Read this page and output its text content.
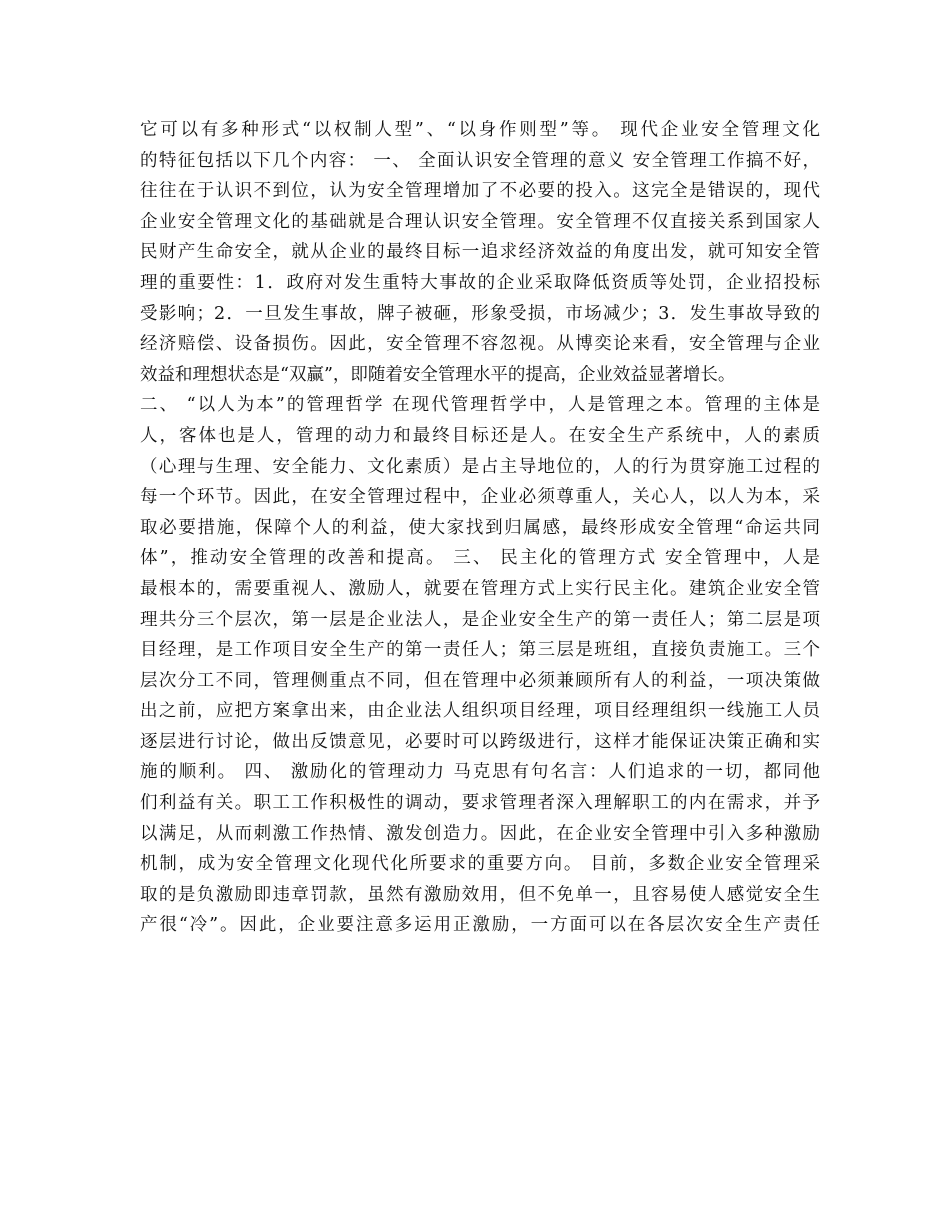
它可以有多种形式“以权制人型”、“以身作则型”等。 现代企业安全管理文化
的特征包括以下几个内容： 一、 全面认识安全管理的意义 安全管理工作搞不好，
往往在于认识不到位，认为安全管理增加了不必要的投入。这完全是错误的，现代
企业安全管理文化的基础就是合理认识安全管理。安全管理不仅直接关系到国家人
民财产生命安全，就从企业的最终目标一追求经济效益的角度出发，就可知安全管
理的重要性：1．政府对发生重特大事故的企业采取降低资质等处罚，企业招投标
受影响；2．一旦发生事故，牌子被砸，形象受损，市场减少；3．发生事故导致的
经济赔偿、设备损伤。因此，安全管理不容忽视。从博奕论来看，安全管理与企业
效益和理想状态是“双赢”，即随着安全管理水平的提高，企业效益显著增长。
二、 “以人为本”的管理哲学 在现代管理哲学中，人是管理之本。管理的主体是
人，客体也是人，管理的动力和最终目标还是人。在安全生产系统中，人的素质
（心理与生理、安全能力、文化素质）是占主导地位的，人的行为贯穿施工过程的
每一个环节。因此，在安全管理过程中，企业必须尊重人，关心人，以人为本，采
取必要措施，保障个人的利益，使大家找到归属感，最终形成安全管理“命运共同
体”，推动安全管理的改善和提高。 三、 民主化的管理方式 安全管理中，人是
最根本的，需要重视人、激励人，就要在管理方式上实行民主化。建筑企业安全管
理共分三个层次，第一层是企业法人，是企业安全生产的第一责任人；第二层是项
目经理，是工作项目安全生产的第一责任人；第三层是班组，直接负责施工。三个
层次分工不同，管理侧重点不同，但在管理中必须兼顾所有人的利益，一项决策做
出之前，应把方案拿出来，由企业法人组织项目经理，项目经理组织一线施工人员
逐层进行讨论，做出反馈意见，必要时可以跨级进行，这样才能保证决策正确和实
施的顺利。 四、 激励化的管理动力 马克思有句名言：人们追求的一切，都同他
们利益有关。职工工作积极性的调动，要求管理者深入理解职工的内在需求，并予
以满足，从而刺激工作热情、激发创造力。因此，在企业安全管理中引入多种激励
机制，成为安全管理文化现代化所要求的重要方向。 目前，多数企业安全管理采
取的是负激励即违章罚款，虽然有激励效用，但不免单一，且容易使人感觉安全生
产很“冷”。因此，企业要注意多运用正激励，一方面可以在各层次安全生产责任
